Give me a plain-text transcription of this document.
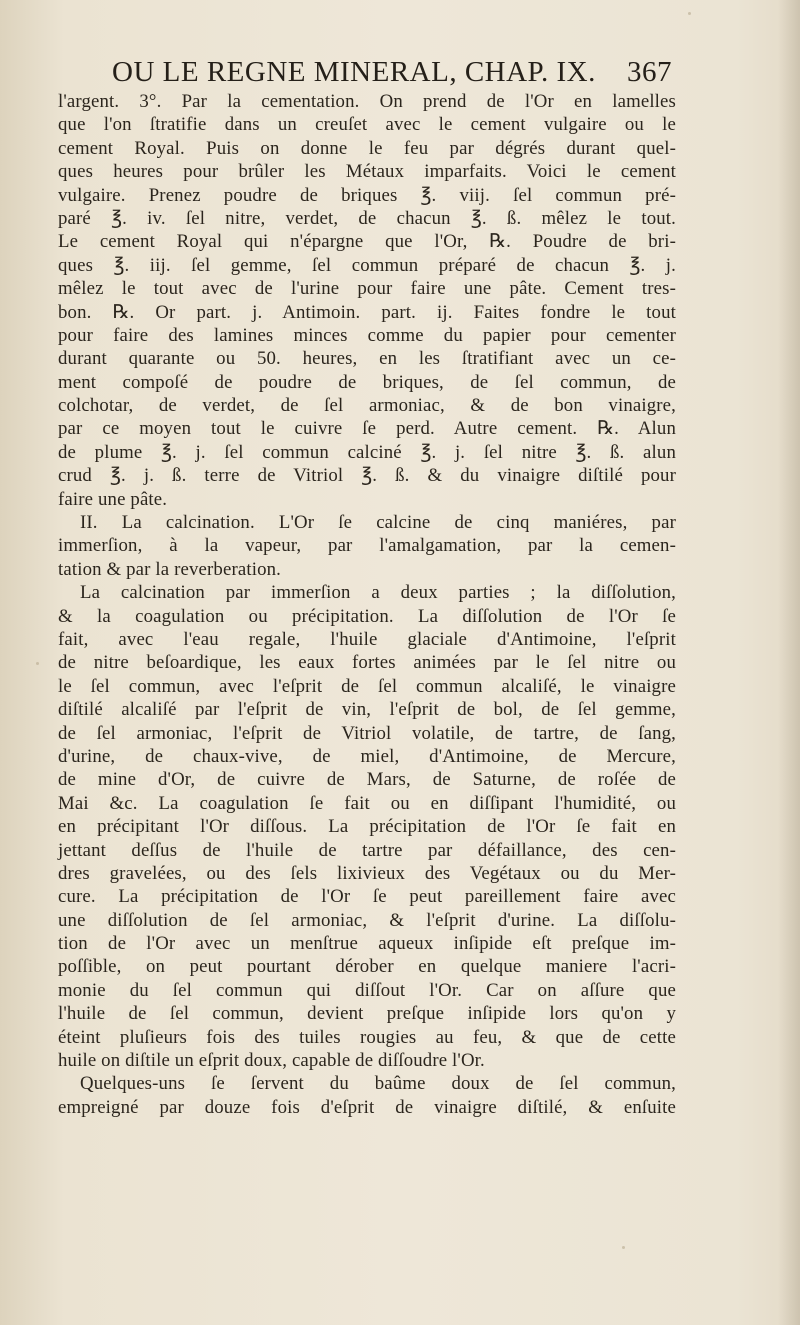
OU LE REGNE MINERAL, CHAP. IX. 367
l'argent. 3°. Par la cementation. On prend de l'Or en lamelles
que l'on ſtratifie dans un creuſet avec le cement vulgaire ou le
cement Royal. Puis on donne le feu par dégrés durant quel-
ques heures pour brûler les Métaux imparfaits. Voici le cement
vulgaire. Prenez poudre de briques ℥. viij. ſel commun pré-
paré ℥. iv. ſel nitre, verdet, de chacun ℥. ß. mêlez le tout.
Le cement Royal qui n'épargne que l'Or, ℞. Poudre de bri-
ques ℥. iij. ſel gemme, ſel commun préparé de chacun ℥. j.
mêlez le tout avec de l'urine pour faire une pâte. Cement tres-
bon. ℞. Or part. j. Antimoin. part. ij. Faites fondre le tout
pour faire des lamines minces comme du papier pour cementer
durant quarante ou 50. heures, en les ſtratifiant avec un ce-
ment compoſé de poudre de briques, de ſel commun, de
colchotar, de verdet, de ſel armoniac, & de bon vinaigre,
par ce moyen tout le cuivre ſe perd. Autre cement. ℞. Alun
de plume ℥. j. ſel commun calciné ℥. j. ſel nitre ℥. ß. alun
crud ℥. j. ß. terre de Vitriol ℥. ß. & du vinaigre diſtilé pour
faire une pâte.
II. La calcination. L'Or ſe calcine de cinq maniéres, par
immerſion, à la vapeur, par l'amalgamation, par la cemen-
tation & par la reverberation.
La calcination par immerſion a deux parties ; la diſſolution,
& la coagulation ou précipitation. La diſſolution de l'Or ſe
fait, avec l'eau regale, l'huile glaciale d'Antimoine, l'eſprit
de nitre beſoardique, les eaux fortes animées par le ſel nitre ou
le ſel commun, avec l'eſprit de ſel commun alcaliſé, le vinaigre
diſtilé alcaliſé par l'eſprit de vin, l'eſprit de bol, de ſel gemme,
de ſel armoniac, l'eſprit de Vitriol volatile, de tartre, de ſang,
d'urine, de chaux-vive, de miel, d'Antimoine, de Mercure,
de mine d'Or, de cuivre de Mars, de Saturne, de roſée de
Mai &c. La coagulation ſe fait ou en diſſipant l'humidité, ou
en précipitant l'Or diſſous. La précipitation de l'Or ſe fait en
jettant deſſus de l'huile de tartre par défaillance, des cen-
dres gravelées, ou des ſels lixivieux des Vegétaux ou du Mer-
cure. La précipitation de l'Or ſe peut pareillement faire avec
une diſſolution de ſel armoniac, & l'eſprit d'urine. La diſſolu-
tion de l'Or avec un menſtrue aqueux inſipide eſt preſque im-
poſſible, on peut pourtant dérober en quelque maniere l'acri-
monie du ſel commun qui diſſout l'Or. Car on aſſure que
l'huile de ſel commun, devient preſque inſipide lors qu'on y
éteint pluſieurs fois des tuiles rougies au feu, & que de cette
huile on diſtile un eſprit doux, capable de diſſoudre l'Or.
Quelques-uns ſe ſervent du baûme doux de ſel commun,
empreigné par douze fois d'eſprit de vinaigre diſtilé, & enſuite
